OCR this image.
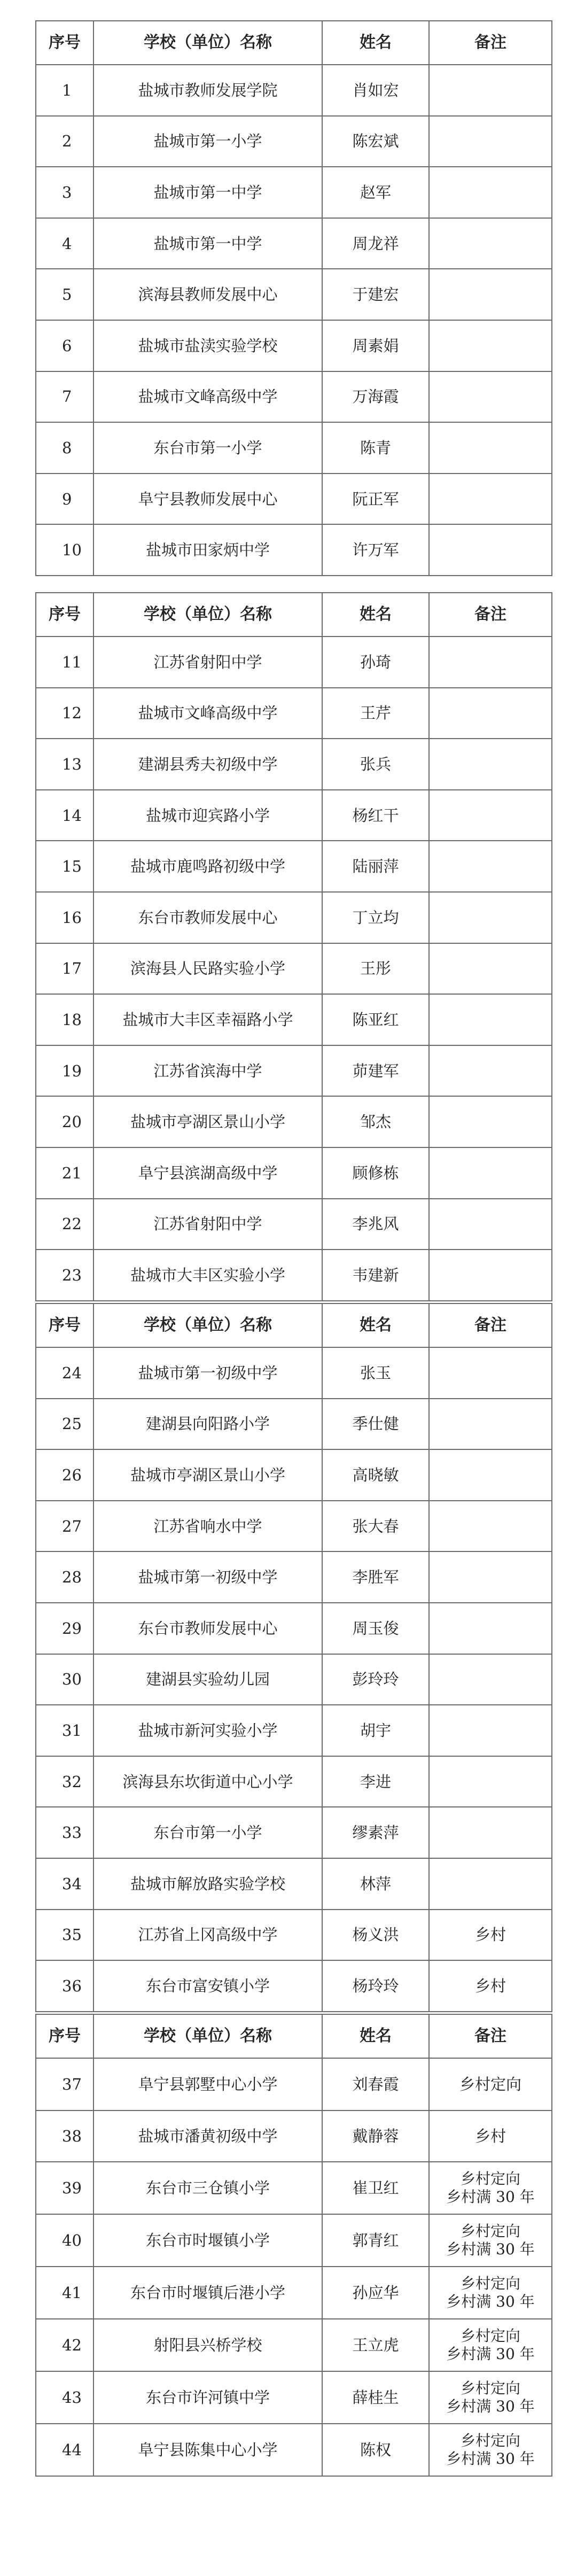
序号	学校（单位）名称	姓名	备注
1	盐城市教师发展学院	肖如宏	
2	盐城市第一小学	陈宏斌	
3	盐城市第一中学	赵军	
4	盐城市第一中学	周龙祥	
5	滨海县教师发展中心	于建宏	
6	盐城市盐渎实验学校	周素娟	
7	盐城市文峰高级中学	万海霞	
8	东台市第一小学	陈青	
9	阜宁县教师发展中心	阮正军	
10	盐城市田家炳中学	许万军	
序号	学校（单位）名称	姓名	备注
11	江苏省射阳中学	孙琦	
12	盐城市文峰高级中学	王芹	
13	建湖县秀夫初级中学	张兵	
14	盐城市迎宾路小学	杨红干	
15	盐城市鹿鸣路初级中学	陆丽萍	
16	东台市教师发展中心	丁立均	
17	滨海县人民路实验小学	王彤	
18	盐城市大丰区幸福路小学	陈亚红	
19	江苏省滨海中学	茆建军	
20	盐城市亭湖区景山小学	邹杰	
21	阜宁县滨湖高级中学	顾修栋	
22	江苏省射阳中学	李兆风	
23	盐城市大丰区实验小学	韦建新	
序号	学校（单位）名称	姓名	备注
24	盐城市第一初级中学	张玉	
25	建湖县向阳路小学	季仕健	
26	盐城市亭湖区景山小学	高晓敏	
27	江苏省响水中学	张大春	
28	盐城市第一初级中学	李胜军	
29	东台市教师发展中心	周玉俊	
30	建湖县实验幼儿园	彭玲玲	
31	盐城市新河实验小学	胡宇	
32	滨海县东坎街道中心小学	李进	
33	东台市第一小学	缪素萍	
34	盐城市解放路实验学校	林萍	
35	江苏省上冈高级中学	杨义洪	乡村
36	东台市富安镇小学	杨玲玲	乡村
序号	学校（单位）名称	姓名	备注
37	阜宁县郭墅中心小学	刘春霞	乡村定向
38	盐城市潘黄初级中学	戴静蓉	乡村
39	东台市三仓镇小学	崔卫红	乡村定向
乡村满 30 年

40	东台市时堰镇小学	郭青红	乡村定向
乡村满 30 年

41	东台市时堰镇后港小学	孙应华	乡村定向
乡村满 30 年

42	射阳县兴桥学校	王立虎	乡村定向
乡村满 30 年

43	东台市许河镇中学	薛桂生	乡村定向
乡村满 30 年

44	阜宁县陈集中心小学	陈权	乡村定向
乡村满 30 年
